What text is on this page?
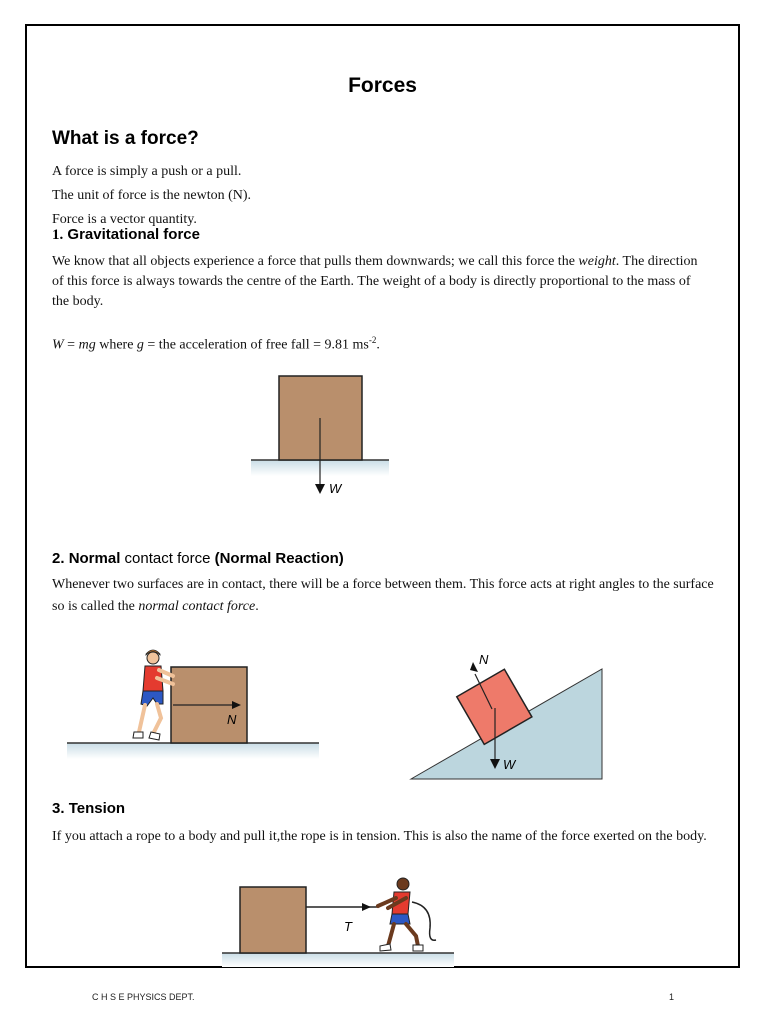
Forces
What is a force?
A force is simply a push or a pull.
The unit of force is the newton (N).
Force is a vector quantity.
1. Gravitational force
We know that all objects experience a force that pulls them downwards; we call this force the weight. The direction of this force is always towards the centre of the Earth. The weight of a body is directly proportional to the mass of the body.
W = mg where g = the acceleration of free fall = 9.81 $ms^{-2}$.
W
2. Normal contact force (Normal Reaction)
Whenever two surfaces are in contact, there will be a force between them. This force acts at right angles to the surface so is called the normal contact force.
N
N
W
3. Tension
If you attach a rope to a body and pull it,the rope is in tension. This is also the name of the force exerted on the body.
T
C H S E PHYSICS DEPT.	1
